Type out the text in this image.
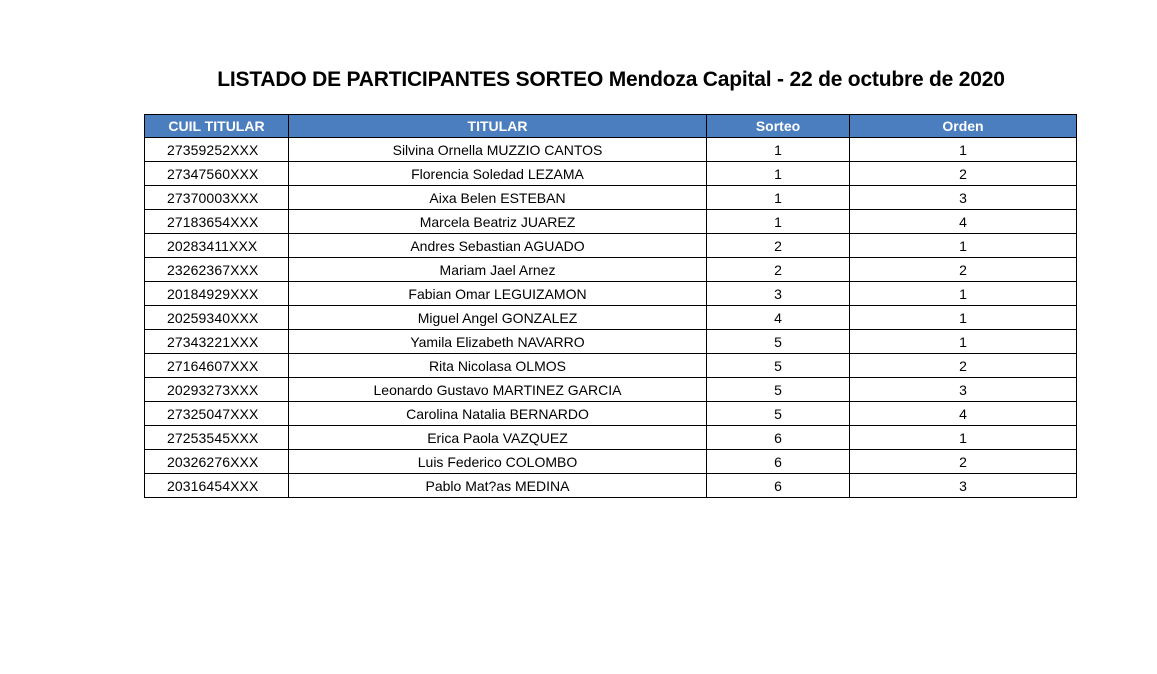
LISTADO DE PARTICIPANTES SORTEO Mendoza Capital - 22 de octubre de 2020
CUIL TITULAR	TITULAR	Sorteo	Orden
27359252XXX	Silvina Ornella MUZZIO CANTOS	1	1
27347560XXX	Florencia Soledad LEZAMA	1	2
27370003XXX	Aixa Belen ESTEBAN	1	3
27183654XXX	Marcela Beatriz JUAREZ	1	4
20283411XXX	Andres Sebastian AGUADO	2	1
23262367XXX	Mariam Jael Arnez	2	2
20184929XXX	Fabian Omar LEGUIZAMON	3	1
20259340XXX	Miguel Angel GONZALEZ	4	1
27343221XXX	Yamila Elizabeth NAVARRO	5	1
27164607XXX	Rita Nicolasa OLMOS	5	2
20293273XXX	Leonardo Gustavo MARTINEZ GARCIA	5	3
27325047XXX	Carolina Natalia BERNARDO	5	4
27253545XXX	Erica Paola VAZQUEZ	6	1
20326276XXX	Luis Federico COLOMBO	6	2
20316454XXX	Pablo Mat?as MEDINA	6	3
